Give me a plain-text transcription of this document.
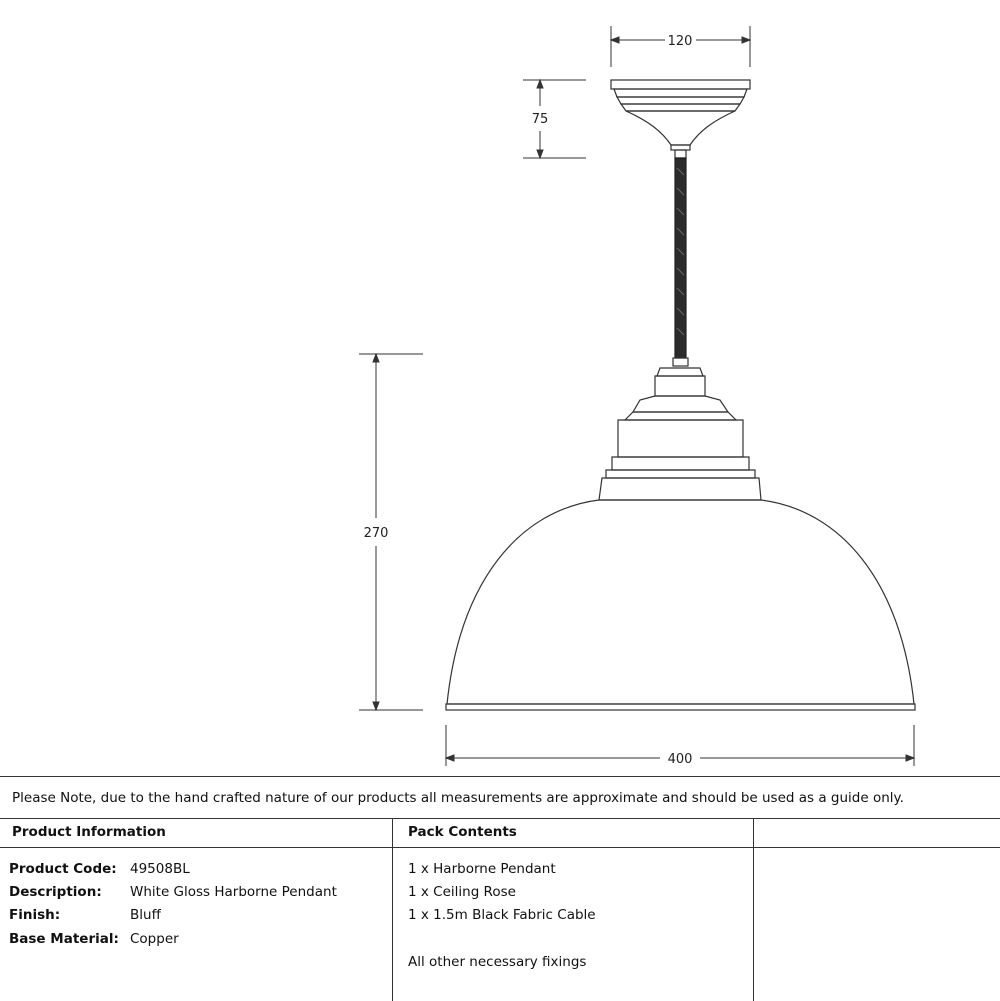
120
75
270
400
Please Note, due to the hand crafted nature of our products all measurements are approximate and should be used as a guide only.
Product Information	Pack Contents
Product Code: 49508BL
Description: White Gloss Harborne Pendant
Finish:	Bluff
Base Material: Copper
1 x Harborne Pendant
1 x Ceiling Rose
1 x 1.5m Black Fabric Cable
All other necessary fixings
